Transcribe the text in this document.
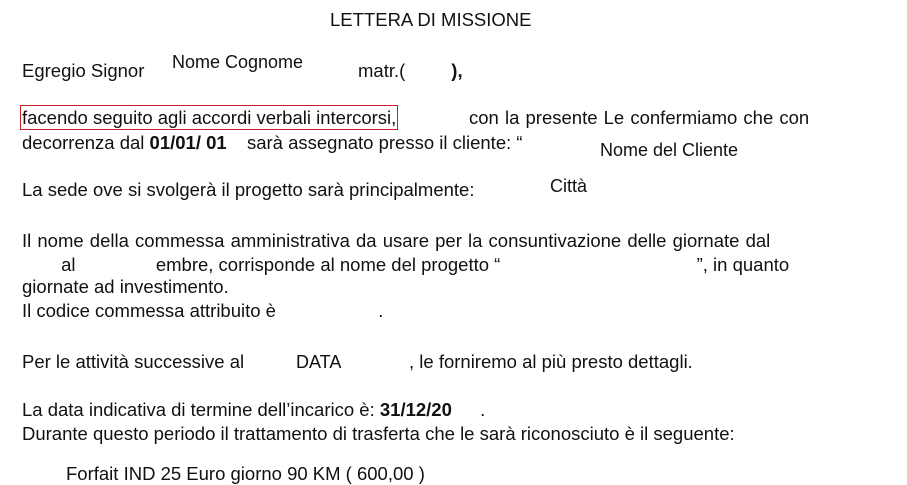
LETTERA DI MISSIONE
Egregio Signor Nome Cognome	matr.( ),
facendo seguito agli accordi verbali intercorsi,	con la presente Le confermiamo che con
decorrenza dal 01/01/ 01 sarà assegnato presso il cliente: “	Nome del Cliente
La sede ove si svolgerà il progetto sarà principalmente:	Città
Il nome della commessa amministrativa da usare per la consuntivazione delle giornate dal
al	embre, corrisponde al nome del progetto “	”, in quanto
giornate ad investimento.
Il codice commessa attribuito è	.
Per le attività successive al	DATA	, le forniremo al più presto dettagli.
La data indicativa di termine dell’incarico è: 31/12/20 .
Durante questo periodo il trattamento di trasferta che le sarà riconosciuto è il seguente:
Forfait IND 25 Euro giorno 90 KM ( 600,00 )
